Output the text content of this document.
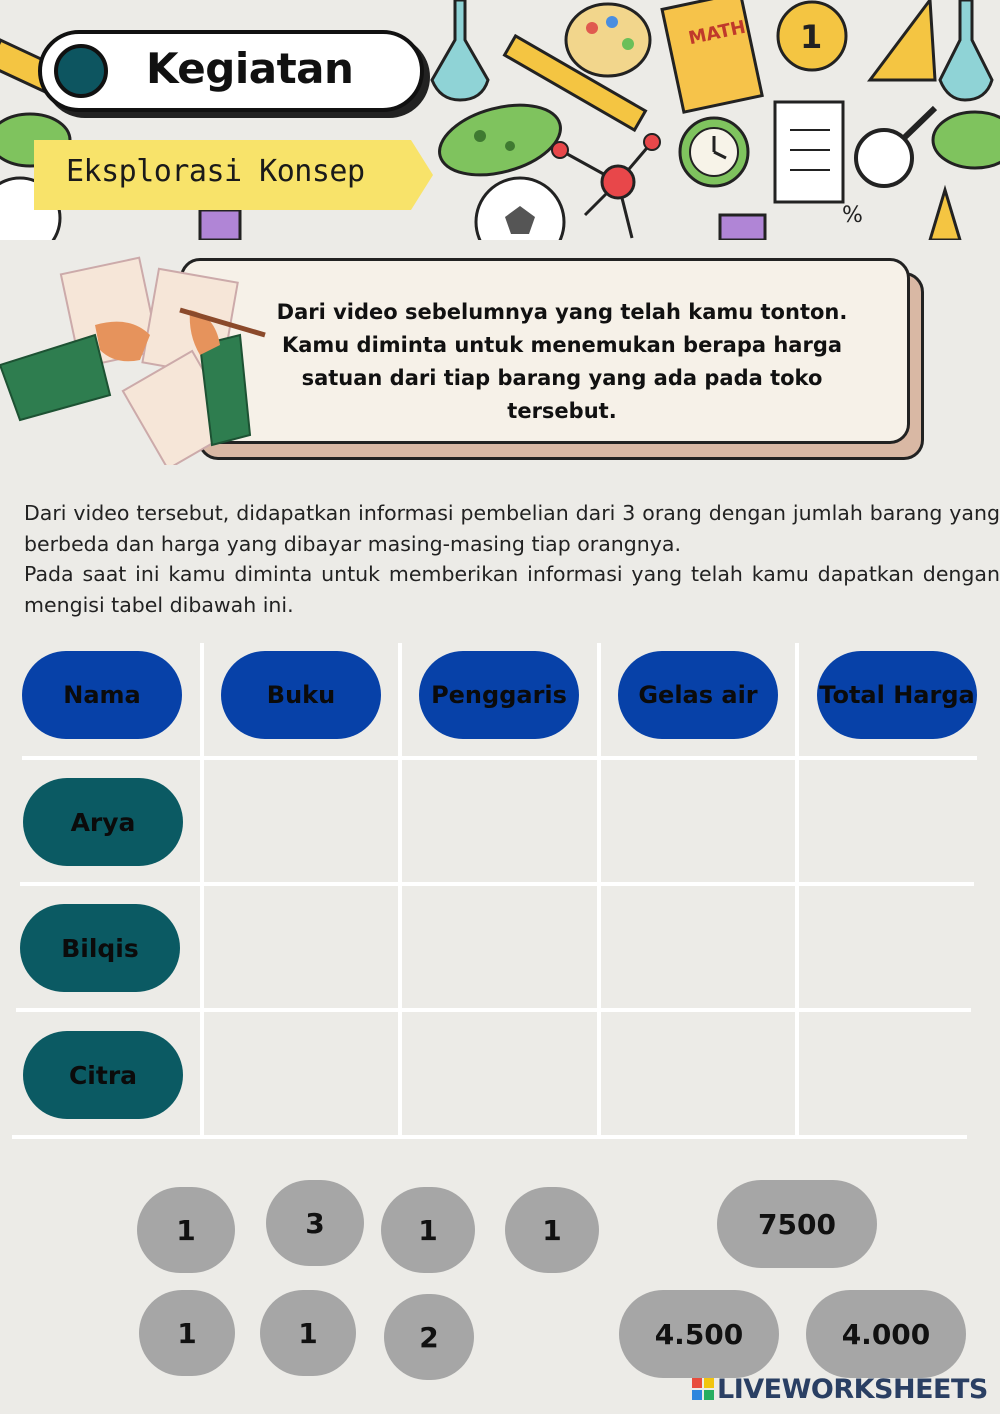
MATH 1
%
Kegiatan
Eksplorasi Konsep
Dari video sebelumnya yang telah kamu tonton. Kamu diminta untuk menemukan berapa harga satuan dari tiap barang yang ada pada toko tersebut.

Dari video tersebut, didapatkan informasi pembelian dari 3 orang dengan jumlah barang yang berbeda dan harga yang dibayar masing-masing tiap orangnya.

Pada saat ini kamu diminta untuk memberikan informasi yang telah kamu dapatkan dengan mengisi tabel dibawah ini.

Nama	Buku	Penggaris	Gelas air	Total Harga
Arya
Bilqis
Citra
1	3	1	1	7500
1	1	2	4.500	4.000
LIVEWORKSHEETS
